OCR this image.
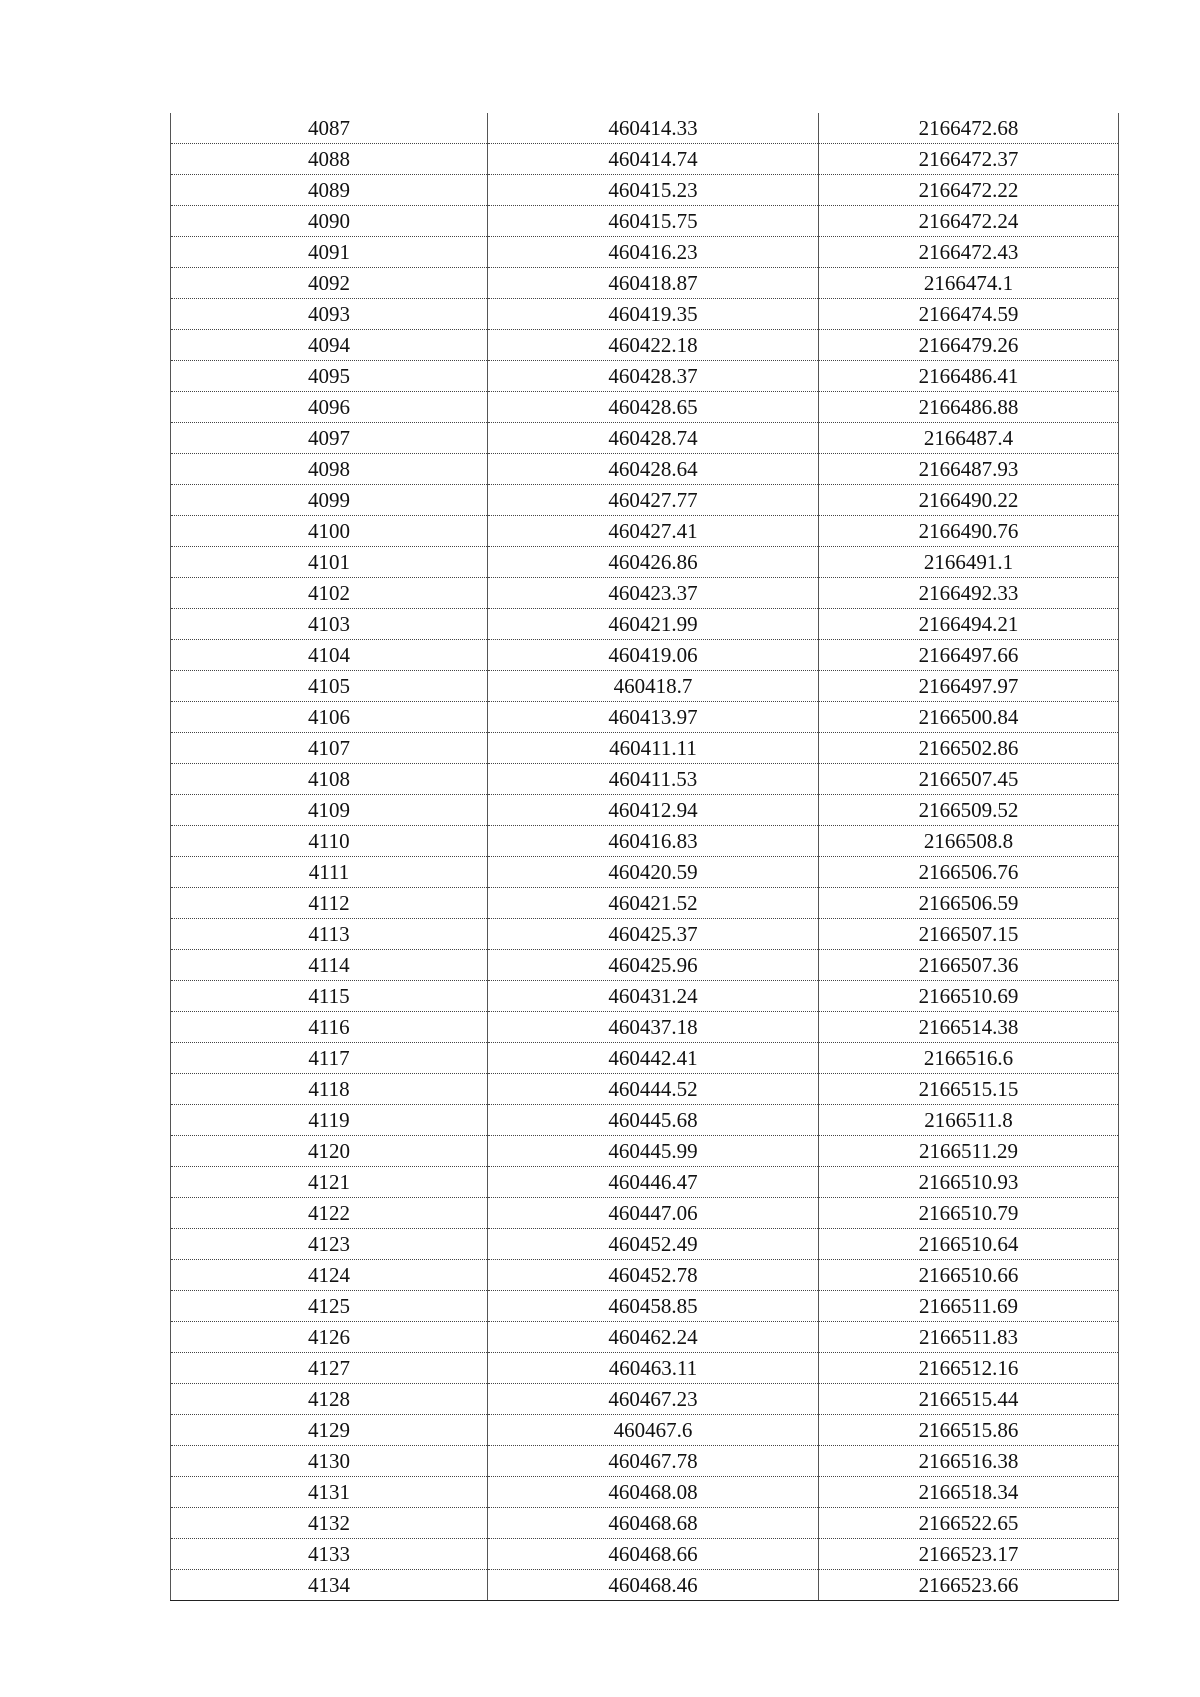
4087	460414.33	2166472.68
4088	460414.74	2166472.37
4089	460415.23	2166472.22
4090	460415.75	2166472.24
4091	460416.23	2166472.43
4092	460418.87	2166474.1
4093	460419.35	2166474.59
4094	460422.18	2166479.26
4095	460428.37	2166486.41
4096	460428.65	2166486.88
4097	460428.74	2166487.4
4098	460428.64	2166487.93
4099	460427.77	2166490.22
4100	460427.41	2166490.76
4101	460426.86	2166491.1
4102	460423.37	2166492.33
4103	460421.99	2166494.21
4104	460419.06	2166497.66
4105	460418.7	2166497.97
4106	460413.97	2166500.84
4107	460411.11	2166502.86
4108	460411.53	2166507.45
4109	460412.94	2166509.52
4110	460416.83	2166508.8
4111	460420.59	2166506.76
4112	460421.52	2166506.59
4113	460425.37	2166507.15
4114	460425.96	2166507.36
4115	460431.24	2166510.69
4116	460437.18	2166514.38
4117	460442.41	2166516.6
4118	460444.52	2166515.15
4119	460445.68	2166511.8
4120	460445.99	2166511.29
4121	460446.47	2166510.93
4122	460447.06	2166510.79
4123	460452.49	2166510.64
4124	460452.78	2166510.66
4125	460458.85	2166511.69
4126	460462.24	2166511.83
4127	460463.11	2166512.16
4128	460467.23	2166515.44
4129	460467.6	2166515.86
4130	460467.78	2166516.38
4131	460468.08	2166518.34
4132	460468.68	2166522.65
4133	460468.66	2166523.17
4134	460468.46	2166523.66
